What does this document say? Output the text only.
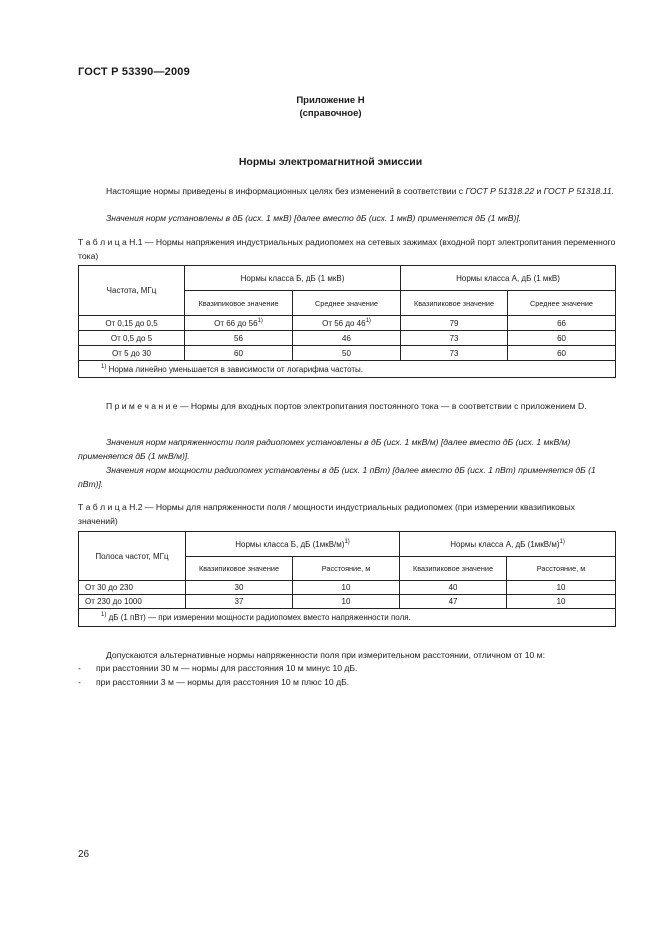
ГОСТ Р 53390—2009
Приложение Н
(справочное)
Нормы электромагнитной эмиссии
Настоящие нормы приведены в информационных целях без изменений в соответствии с ГОСТ Р 51318.22 и ГОСТ Р 51318.11.
Значения норм установлены в дБ (исх. 1 мкВ) [далее вместо дБ (исх. 1 мкВ) применяется дБ (1 мкВ)].
Т а б л и ц а Н.1 — Нормы напряжения индустриальных радиопомех на сетевых зажимах (входной порт электропитания переменного тока)
Частота, МГц	Нормы класса Б, дБ (1 мкВ)		Нормы класса А, дБ (1 мкВ)	
	Квазипиковое значение	Среднее значение	Квазипиковое значение	Среднее значение
От 0,15 до 0,5	От 66 до 56$^{1)}$	От 56 до 46$^{1)}$	79	66
От 0,5 до 5	56	46	73	60
От 5 до 30	60	50	73	60
$^{1)}$ Норма линейно уменьшается в зависимости от логарифма частоты.				
П р и м е ч а н и е — Нормы для входных портов электропитания постоянного тока — в соответствии с приложением D.
Значения норм напряженности поля радиопомех установлены в дБ (исх. 1 мкВ/м) [далее вместо дБ (исх. 1 мкВ/м) применяется дБ (1 мкВ/м)].
Значения норм мощности радиопомех установлены в дБ (исх. 1 пВт) [далее вместо дБ (исх. 1 пВт) применяется дБ (1 пВт)].
Т а б л и ц а Н.2 — Нормы для напряженности поля / мощности индустриальных радиопомех (при измерении квазипиковых значений)
Полоса частот, МГц	Нормы класса Б, дБ $(1мкВ/м)^{1)}$		Нормы класса А, дБ $(1мкВ/м)^{1)}$
	Квазипиковое значение	Расстояние, м	Квазипиковое значение	Расстояние, м
От 30 до 230	30	10	40	10
От 230 до 1000	37	10	47	10
$^{1)}$ дБ (1 пВт) — при измерении мощности радиопомех вместо напряженности поля.				
Допускаются альтернативные нормы напряженности поля при измерительном расстоянии, отличном от 10 м:
- при расстоянии 30 м — нормы для расстояния 10 м минус 10 дБ.
- при расстоянии 3 м — нормы для расстояния 10 м плюс 10 дБ.
26
